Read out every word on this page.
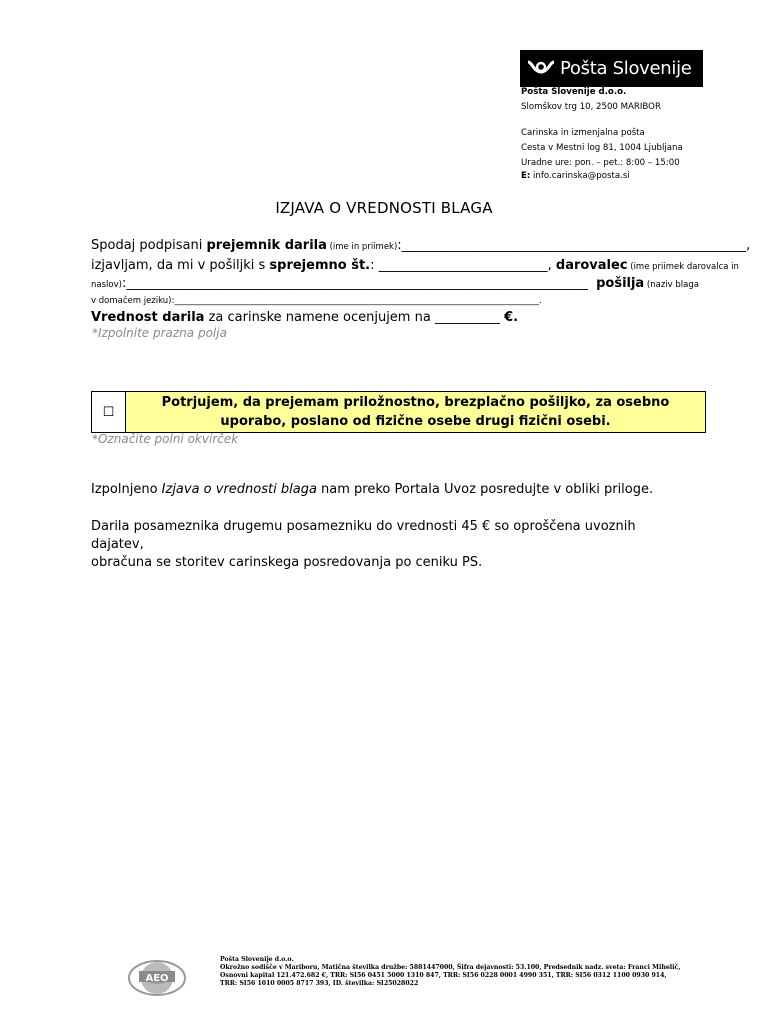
Pošta Slovenije
Pošta Slovenije d.o.o.
Slomškov trg 10, 2500 MARIBOR
Carinska in izmenjalna pošta
Cesta v Mestni log 81, 1004 Ljubljana
Uradne ure: pon. – pet.: 8:00 – 15:00
E: info.carinska@posta.si
IZJAVA O VREDNOSTI BLAGA
Spodaj podpisani prejemnik darila (ime in priimek):_____________________________________________________,
izjavljam, da mi v pošiljki s sprejemno št.: __________________________, darovalec (ime priimek darovalca in
naslov):_______________________________________________________________________ pošilja (naziv blaga
v domačem jeziku):_________________________________________________________________________________.
Vrednost darila za carinske namene ocenjujem na __________ €.
*Izpolnite prazna polja
☐
Potrjujem, da prejemam priložnostno, brezplačno pošiljko, za osebno
uporabo, poslano od fizične osebe drugi fizični osebi.
*Označite polni okvirček
Izpolnjeno Izjava o vrednosti blaga nam preko Portala Uvoz posredujte v obliki priloge.
Darila posameznika drugemu posamezniku do vrednosti 45 € so oproščena uvoznih dajatev,
obračuna se storitev carinskega posredovanja po ceniku PS.
AEO
Pošta Slovenije d.o.o.
Okrožno sodišče v Mariboru, Matična številka družbe: 5881447000, Šifra dejavnosti: 53.100, Predsednik nadz. sveta: Franci Mihelič,
Osnovni kapital 121.472.682 €, TRR: SI56 0451 5000 1310 847, TRR: SI56 0228 0001 4990 351, TRR: SI56 0312 1100 0930 914,
TRR: SI56 1010 0005 8717 393, ID. številka: SI25028022
